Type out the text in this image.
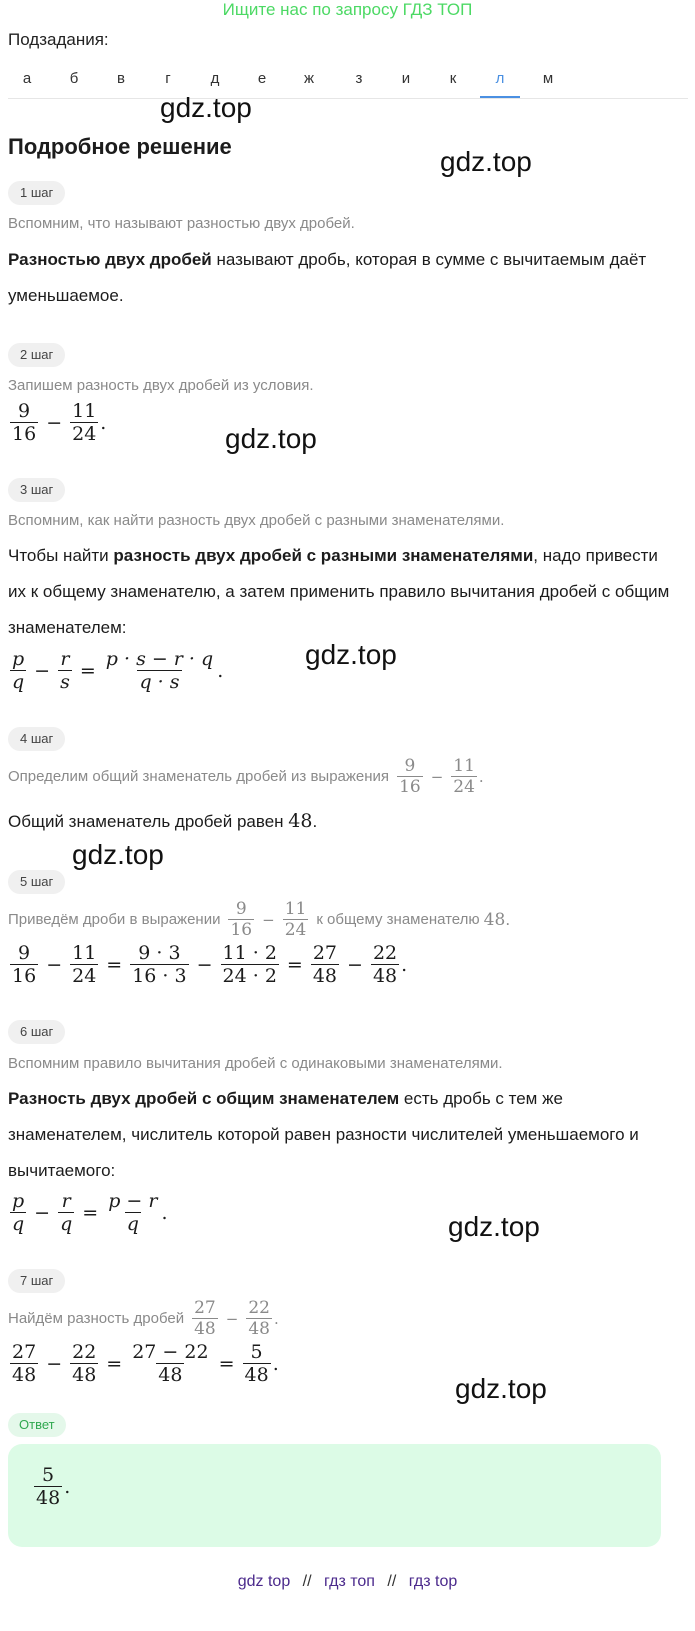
Ищите нас по запросу ГДЗ ТОП
Подзадания:
а	б	в	г	д	е	ж	з	и	к	л	м
gdz.top
gdz.top
gdz.top
gdz.top
gdz.top
gdz.top
gdz.top
Подробное решение
1 шаг
Вспомним, что называют разностью двух дробей.
Разностью двух дробей называют дробь, которая в сумме с вычитаемым даёт уменьшаемое.
2 шаг
Запишем разность двух дробей из условия.
$\frac{9}{16} - \frac{11}{24}$ .
3 шаг
Вспомним, как найти разность двух дробей с разными знаменателями.
Чтобы найти разность двух дробей с разными знаменателями, надо привести их к общему знаменателю, а затем применить правило вычитания дробей с общим знаменателем:
$\frac{p}{q} - \frac{r}{s} = \frac{p \cdot s - r \cdot q}{q \cdot s}$ .
4 шаг
Определим общий знаменатель дробей из выражения $\frac{9}{16} - \frac{11}{24}$ .
Общий знаменатель дробей равен 48.
5 шаг
Приведём дроби в выражении $\frac{9}{16} - \frac{11}{24}$ к общему знаменателю 48 .
$\frac{9}{16} - \frac{11}{24} = \frac{9 \cdot 3}{16 \cdot 3} - \frac{11 \cdot 2}{24 \cdot 2} = \frac{27}{48} - \frac{22}{48}$ .
6 шаг
Вспомним правило вычитания дробей с одинаковыми знаменателями.
Разность двух дробей с общим знаменателем есть дробь с тем же знаменателем, числитель которой равен разности числителей уменьшаемого и вычитаемого:
$\frac{p}{q} - \frac{r}{q} = \frac{p - r}{q}$ .
7 шаг
Найдём разность дробей $\frac{27}{48} - \frac{22}{48}$ .
$\frac{27}{48} - \frac{22}{48} = \frac{27 - 22}{48} = \frac{5}{48}$ .
Ответ
$\frac{5}{48}$ .
gdz top // гдз топ // гдз top
